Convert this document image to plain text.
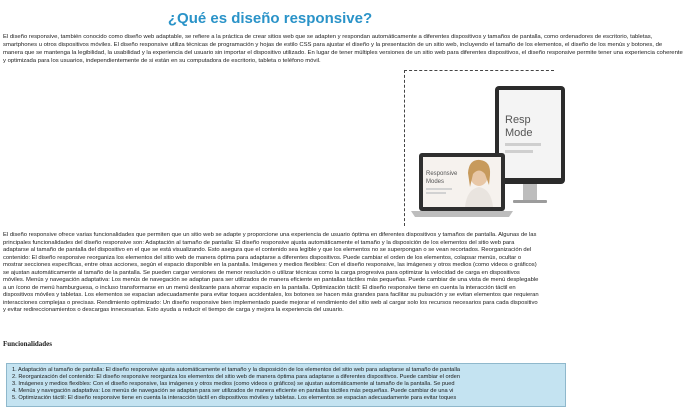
¿Qué es diseño responsive?

El diseño responsive, también conocido como diseño web adaptable, se refiere a la práctica de crear sitios web que se adapten y respondan automáticamente a diferentes dispositivos y tamaños de pantalla, como ordenadores de escritorio, tabletas, smartphones u otros dispositivos móviles. El diseño responsive utiliza técnicas de programación y hojas de estilo CSS para ajustar el diseño y la presentación de un sitio web, incluyendo el tamaño de los elementos, el diseño de los menús y botones, de manera que se mantenga la legibilidad, la usabilidad y la experiencia del usuario sin importar el dispositivo utilizado. En lugar de tener múltiples versiones de un sitio web para diferentes dispositivos, el diseño responsive permite tener una experiencia coherente y optimizada para los usuarios, independientemente de si están en su computadora de escritorio, tableta o teléfono móvil.

Resp
Mode
Responsive
Modes

El diseño responsive ofrece varias funcionalidades que permiten que un sitio web se adapte y proporcione una experiencia de usuario óptima en diferentes dispositivos y tamaños de pantalla. Algunas de las principales funcionalidades del diseño responsive son: Adaptación al tamaño de pantalla: El diseño responsive ajusta automáticamente el tamaño y la disposición de los elementos del sitio web para adaptarse al tamaño de pantalla del dispositivo en el que se está visualizando. Esto asegura que el contenido sea legible y que los elementos no se superpongan o se vean recortados. Reorganización del contenido: El diseño responsive reorganiza los elementos del sitio web de manera óptima para adaptarse a diferentes dispositivos. Puede cambiar el orden de los elementos, colapsar menús, ocultar o mostrar secciones específicas, entre otras acciones, según el espacio disponible en la pantalla. Imágenes y medios flexibles: Con el diseño responsive, las imágenes y otros medios (como videos o gráficos) se ajustan automáticamente al tamaño de la pantalla. Se pueden cargar versiones de menor resolución o utilizar técnicas como la carga progresiva para optimizar la velocidad de carga en dispositivos móviles. Menús y navegación adaptativa: Los menús de navegación se adaptan para ser utilizados de manera eficiente en pantallas táctiles más pequeñas. Puede cambiar de una vista de menú desplegable a un ícono de menú hamburguesa, o incluso transformarse en un menú deslizante para ahorrar espacio en la pantalla. Optimización táctil: El diseño responsive tiene en cuenta la interacción táctil en dispositivos móviles y tabletas. Los elementos se espacian adecuadamente para evitar toques accidentales, los botones se hacen más grandes para facilitar su pulsación y se evitan elementos que requieran interacciones complejas o precisas. Rendimiento optimizado: Un diseño responsive bien implementado puede mejorar el rendimiento del sitio web al cargar solo los recursos necesarios para cada dispositivo y evitar redireccionamientos o descargas innecesarias. Esto ayuda a reducir el tiempo de carga y mejora la experiencia del usuario.

Funcionalidades
1. Adaptación al tamaño de pantalla: El diseño responsive ajusta automáticamente el tamaño y la disposición de los elementos del sitio web para adaptarse al tamaño de pantalla
2. Reorganización del contenido: El diseño responsive reorganiza los elementos del sitio web de manera óptima para adaptarse a diferentes dispositivos. Puede cambiar el orden
3. Imágenes y medios flexibles: Con el diseño responsive, las imágenes y otros medios (como videos o gráficos) se ajustan automáticamente al tamaño de la pantalla. Se pued
4. Menús y navegación adaptativa: Los menús de navegación se adaptan para ser utilizados de manera eficiente en pantallas táctiles más pequeñas. Puede cambiar de una vi
5. Optimización táctil: El diseño responsive tiene en cuenta la interacción táctil en dispositivos móviles y tabletas. Los elementos se espacian adecuadamente para evitar toques
